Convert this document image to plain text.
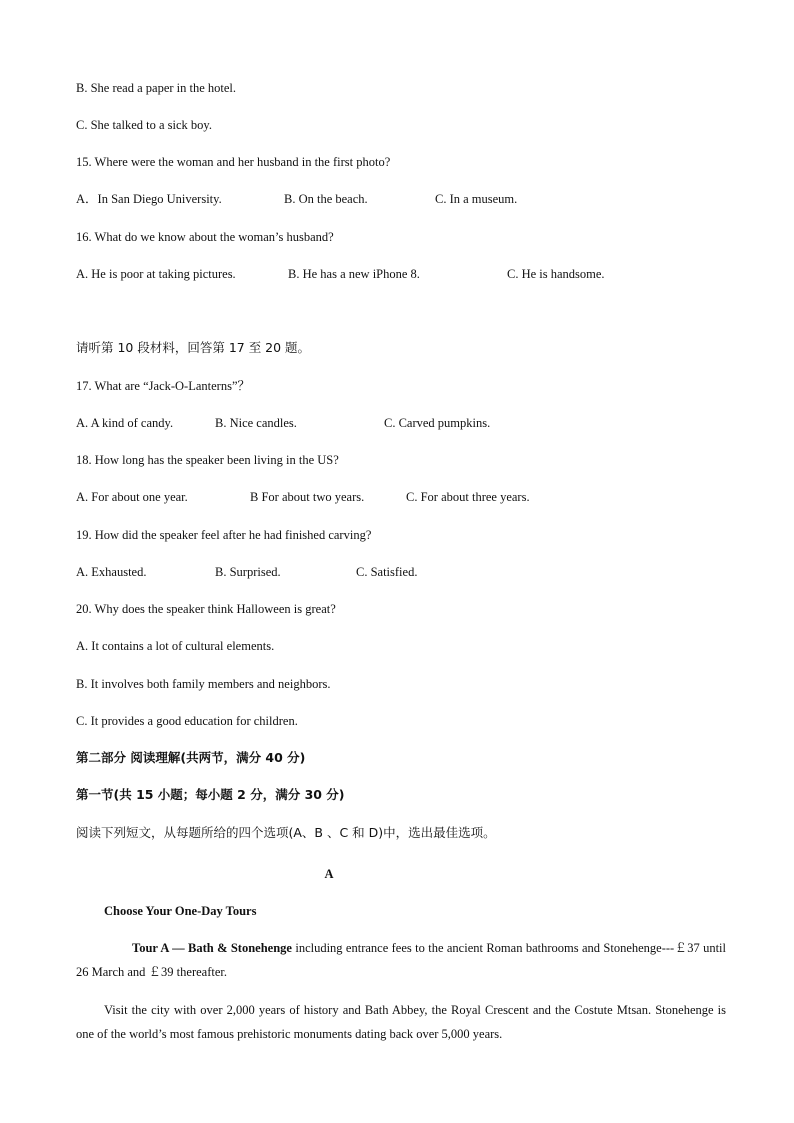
B. She read a paper in the hotel.
C. She talked to a sick boy.
15. Where were the woman and her husband in the first photo?
A．In San Diego University.	B. On the beach.	C. In a museum.
16. What do we know about the woman’s husband?
A. He is poor at taking pictures.	B. He has a new iPhone 8.	C. He is handsome.
请听第 10 段材料，回答第 17 至 20 题。
17. What are “Jack-O-Lanterns”？
A. A kind of candy.	B. Nice candles.	C. Carved pumpkins.
18. How long has the speaker been living in the US?
A. For about one year.	B For about two years.	C. For about three years.
19. How did the speaker feel after he had finished carving?
A. Exhausted.	B. Surprised.	C. Satisfied.
20. Why does the speaker think Halloween is great?
A. It contains a lot of cultural elements.
B. It involves both family members and neighbors.
C. It provides a good education for children.
第二部分 阅读理解(共两节，满分 40 分)
第一节(共 15 小题；每小题 2 分，满分 30 分)
阅读下列短文，从每题所给的四个选项(A、B 、C 和 D)中，选出最佳选项。
A
Choose Your One-Day Tours
Tour A — Bath & Stonehenge including entrance fees to the ancient Roman bathrooms and Stonehenge---￡37 until 26 March and ￡39 thereafter.
Visit the city with over 2,000 years of history and Bath Abbey, the Royal Crescent and the Costute Mtsan. Stonehenge is one of the world’s most famous prehistoric monuments dating back over 5,000 years.
